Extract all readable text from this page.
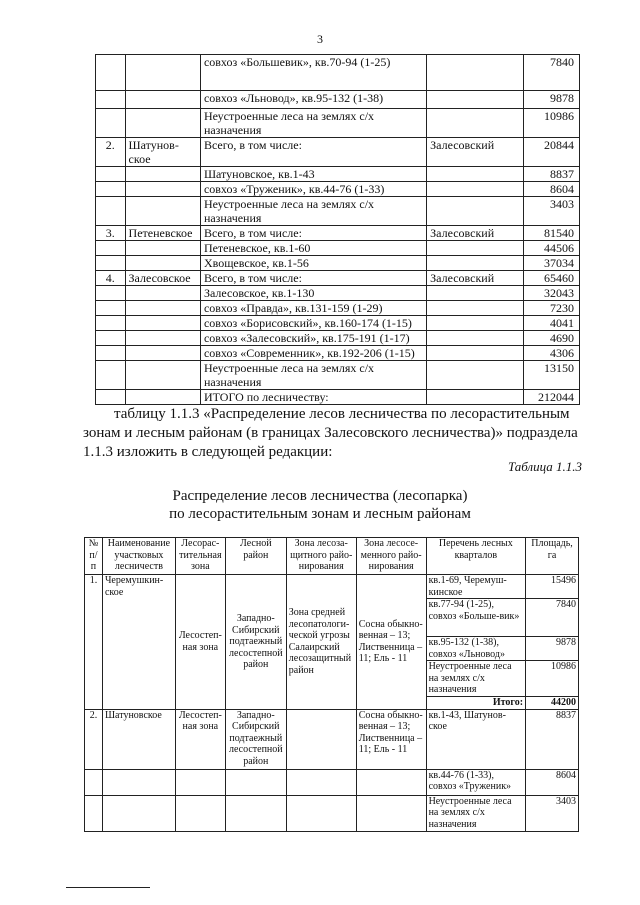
3
		совхоз «Большевик», кв.70-94 (1-25)		7840
		совхоз «Льновод», кв.95-132 (1-38)		9878
		Неустроенные леса на землях с/х назначения		10986
2.	Шатунов-ское	Всего, в том числе:	Залесовский	20844
		Шатуновское, кв.1-43		8837
		совхоз «Труженик», кв.44-76 (1-33)		8604
		Неустроенные леса на землях с/х назначения		3403
3.	Петеневское	Всего, в том числе:	Залесовский	81540
		Петеневское, кв.1-60		44506
		Хвощевское, кв.1-56		37034
4.	Залесовское	Всего, в том числе:	Залесовский	65460
		Залесовское, кв.1-130		32043
		совхоз «Правда», кв.131-159 (1-29)		7230
		совхоз «Борисовский», кв.160-174 (1-15)		4041
		совхоз «Залесовский», кв.175-191 (1-17)		4690
		совхоз «Современник», кв.192-206 (1-15)		4306
		Неустроенные леса на землях с/х назначения		13150
		ИТОГО по лесничеству:		212044
таблицу 1.1.3 «Распределение лесов лесничества по лесорастительным
зонам и лесным районам (в границах Залесовского лесничества)» подраздела
1.1.3 изложить в следующей редакции:
Таблица 1.1.3
Распределение лесов лесничества (лесопарка)
по лесорастительным зонам и лесным районам
№ п/п	Наименование участковых лесничеств	Лесорас-тительная зона	Лесной район	Зона лесоза-щитного райо-нирования	Зона лесосе-менного райо-нирования	Перечень лесных кварталов	Площадь, га
1.	Черемушкин-ское	Лесостеп-ная зона	Западно-Сибирский подтаежный лесостепной район	Зона средней лесопатологи-ческой угрозы Салаирский лесозащитный район	Сосна обыкно-венная – 13; Лиственница – 11; Ель - 11	кв.1-69, Черемуш-кинское	15496
						кв.77-94 (1-25), совхоз «Больше-вик»	7840
						кв.95-132 (1-38), совхоз «Льновод»	9878
						Неустроенные леса на землях с/х назначения	10986
						Итого:	44200
2.	Шатуновское	Лесостеп-ная зона	Западно-Сибирский подтаежный лесостепной район		Сосна обыкно-венная – 13; Лиственница – 11; Ель - 11	кв.1-43, Шатунов-ское	8837
						кв.44-76 (1-33), совхоз «Труженик»	8604
						Неустроенные леса на землях с/х назначения	3403
